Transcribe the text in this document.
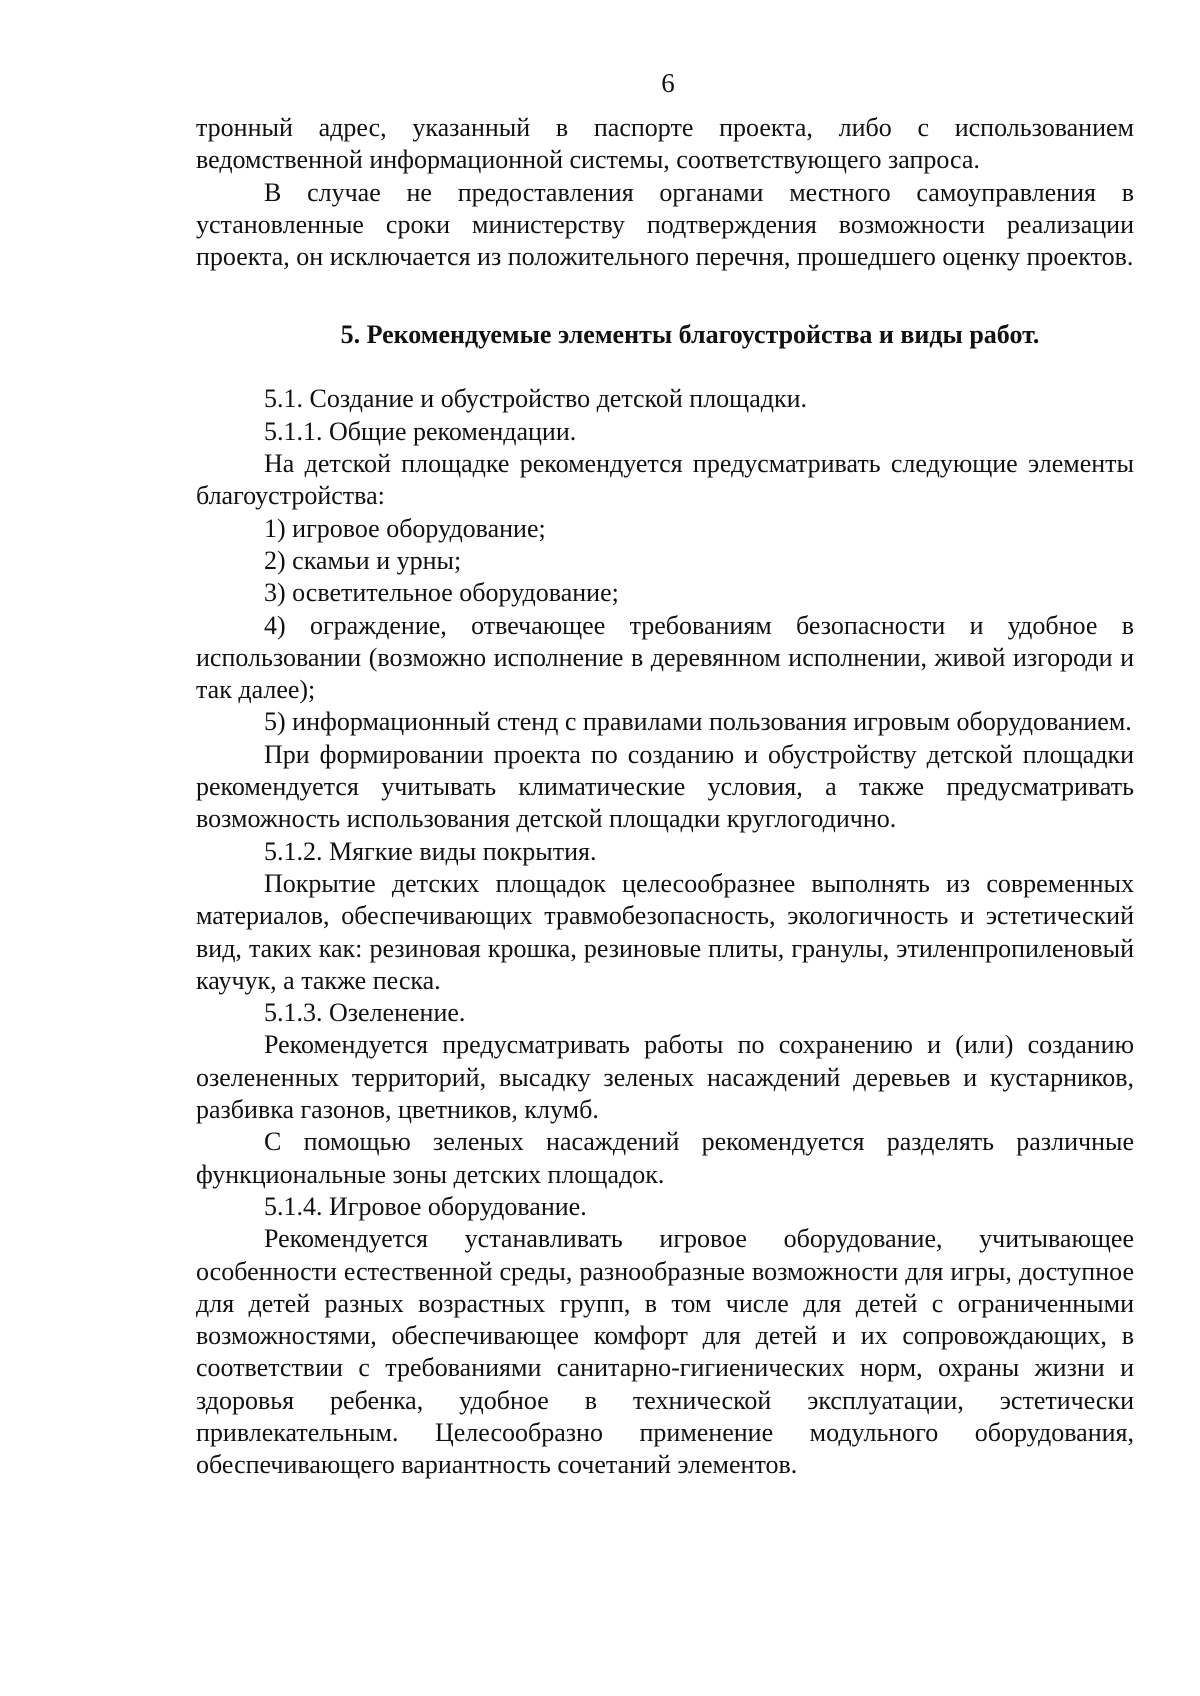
6

тронный адрес, указанный в паспорте проекта, либо с использованием ведомственной информационной системы, соответствующего запроса.

В случае не предоставления органами местного самоуправления в установленные сроки министерству подтверждения возможности реализации проекта, он исключается из положительного перечня, прошедшего оценку проектов.

5. Рекомендуемые элементы благоустройства и виды работ.

5.1. Создание и обустройство детской площадки.

5.1.1. Общие рекомендации.

На детской площадке рекомендуется предусматривать следующие элементы благоустройства:

1) игровое оборудование;

2) скамьи и урны;

3) осветительное оборудование;

4) ограждение, отвечающее требованиям безопасности и удобное в использовании (возможно исполнение в деревянном исполнении, живой изгороди и так далее);

5) информационный стенд с правилами пользования игровым оборудованием.

При формировании проекта по созданию и обустройству детской площадки рекомендуется учитывать климатические условия, а также предусматривать возможность использования детской площадки круглогодично.

5.1.2. Мягкие виды покрытия.

Покрытие детских площадок целесообразнее выполнять из современных материалов, обеспечивающих травмобезопасность, экологичность и эстетический вид, таких как: резиновая крошка, резиновые плиты, гранулы, этиленпропиленовый каучук, а также песка.

5.1.3. Озеленение.

Рекомендуется предусматривать работы по сохранению и (или) созданию озелененных территорий, высадку зеленых насаждений деревьев и кустарников, разбивка газонов, цветников, клумб.

С помощью зеленых насаждений рекомендуется разделять различные функциональные зоны детских площадок.

5.1.4. Игровое оборудование.

Рекомендуется устанавливать игровое оборудование, учитывающее особенности естественной среды, разнообразные возможности для игры, доступное для детей разных возрастных групп, в том числе для детей с ограниченными возможностями, обеспечивающее комфорт для детей и их сопровождающих, в соответствии с требованиями санитарно-гигиенических норм, охраны жизни и здоровья ребенка, удобное в технической эксплуатации, эстетически привлекательным. Целесообразно применение модульного оборудования, обеспечивающего вариантность сочетаний элементов.
